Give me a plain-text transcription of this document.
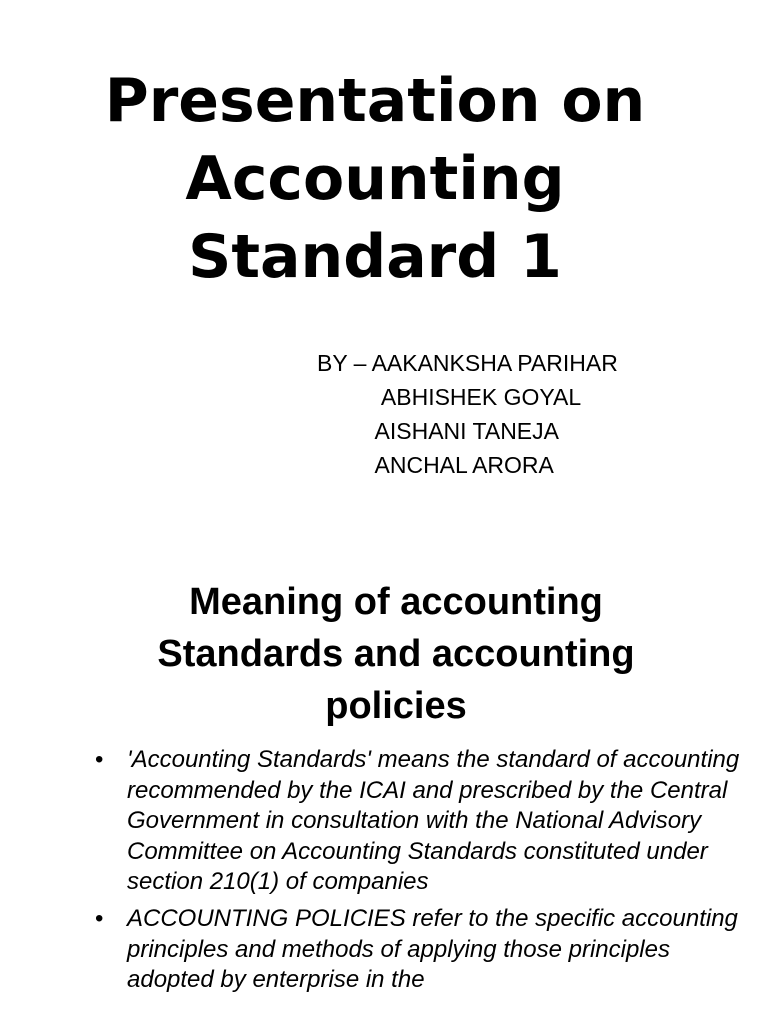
Presentation on
Accounting
Standard 1
BY – AAKANKSHA PARIHAR
ABHISHEK GOYAL
AISHANI TANEJA
ANCHAL ARORA
Meaning of accounting
Standards and accounting
policies
• 'Accounting Standards' means the standard of accounting recommended by the ICAI and prescribed by the Central Government in consultation with the National Advisory Committee on Accounting Standards constituted under section 210(1) of companies
• ACCOUNTING POLICIES refer to the specific accounting principles and methods of applying those principles adopted by enterprise in the
